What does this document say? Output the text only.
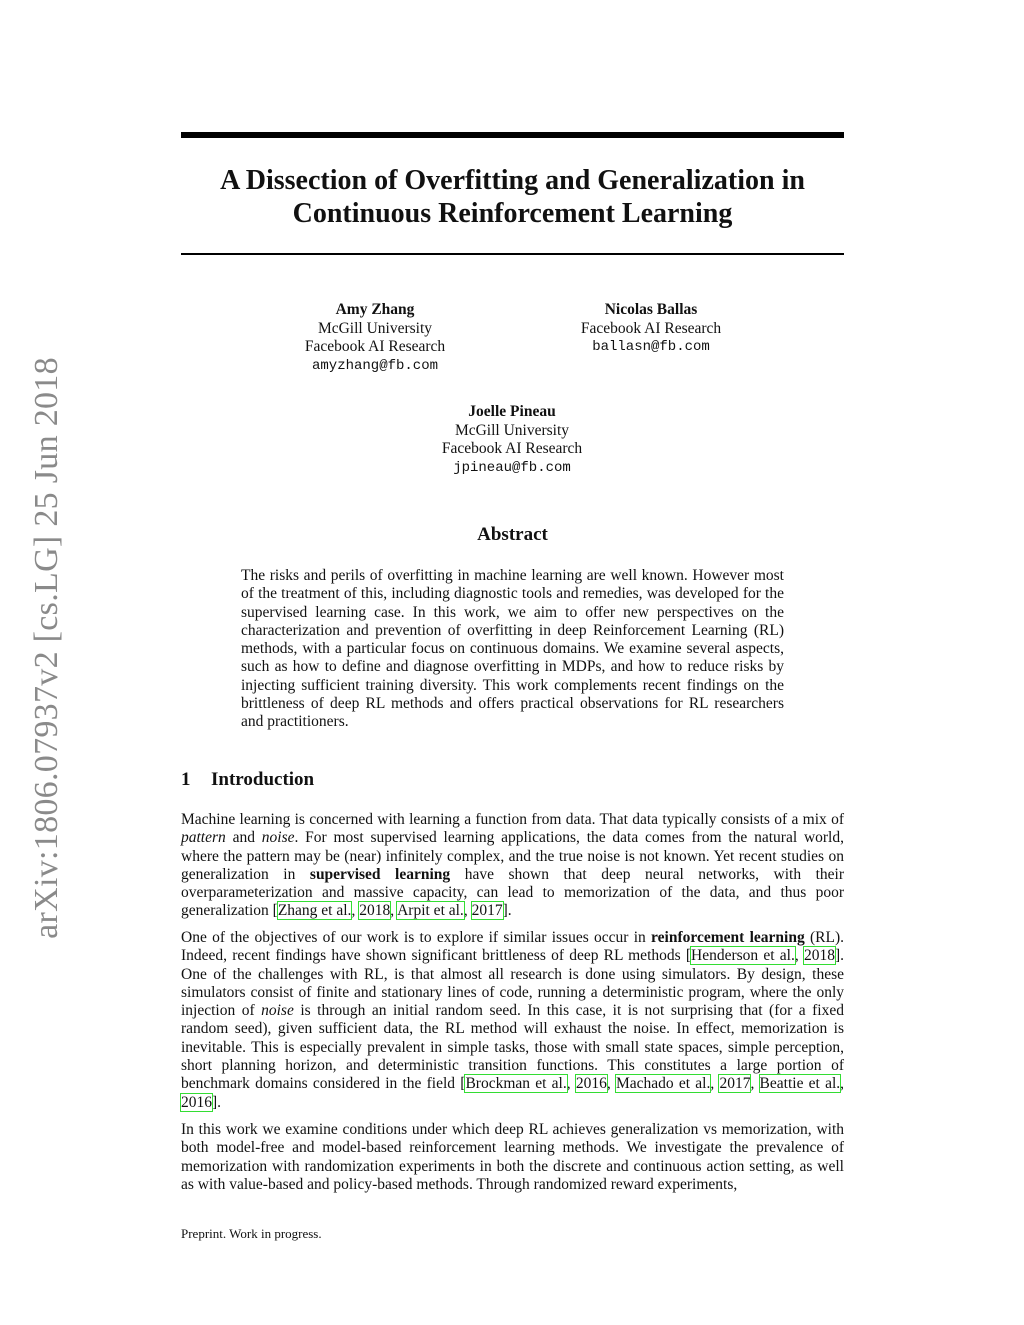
arXiv:1806.07937v2 [cs.LG] 25 Jun 2018
A Dissection of Overfitting and Generalization in Continuous Reinforcement Learning
Amy Zhang
McGill University
Facebook AI Research
amyzhang@fb.com
Nicolas Ballas
Facebook AI Research
ballasn@fb.com
Joelle Pineau
McGill University
Facebook AI Research
jpineau@fb.com
Abstract

The risks and perils of overfitting in machine learning are well known. However most of the treatment of this, including diagnostic tools and remedies, was developed for the supervised learning case. In this work, we aim to offer new perspectives on the characterization and prevention of overfitting in deep Reinforcement Learning (RL) methods, with a particular focus on continuous domains. We examine several aspects, such as how to define and diagnose overfitting in MDPs, and how to reduce risks by injecting sufficient training diversity. This work complements recent findings on the brittleness of deep RL methods and offers practical observations for RL researchers and practitioners.

1 Introduction

Machine learning is concerned with learning a function from data. That data typically consists of a mix of pattern and noise. For most supervised learning applications, the data comes from the natural world, where the pattern may be (near) infinitely complex, and the true noise is not known. Yet recent studies on generalization in supervised learning have shown that deep neural networks, with their overparameterization and massive capacity, can lead to memorization of the data, and thus poor generalization [Zhang et al., 2018, Arpit et al., 2017].

One of the objectives of our work is to explore if similar issues occur in reinforcement learning (RL). Indeed, recent findings have shown significant brittleness of deep RL methods [Henderson et al., 2018]. One of the challenges with RL, is that almost all research is done using simulators. By design, these simulators consist of finite and stationary lines of code, running a deterministic program, where the only injection of noise is through an initial random seed. In this case, it is not surprising that (for a fixed random seed), given sufficient data, the RL method will exhaust the noise. In effect, memorization is inevitable. This is especially prevalent in simple tasks, those with small state spaces, simple perception, short planning horizon, and deterministic transition functions. This constitutes a large portion of benchmark domains considered in the field [Brockman et al., 2016, Machado et al., 2017, Beattie et al., 2016].

In this work we examine conditions under which deep RL achieves generalization vs memorization, with both model-free and model-based reinforcement learning methods. We investigate the prevalence of memorization with randomization experiments in both the discrete and continuous action setting, as well as with value-based and policy-based methods. Through randomized reward experiments,

Preprint. Work in progress.
